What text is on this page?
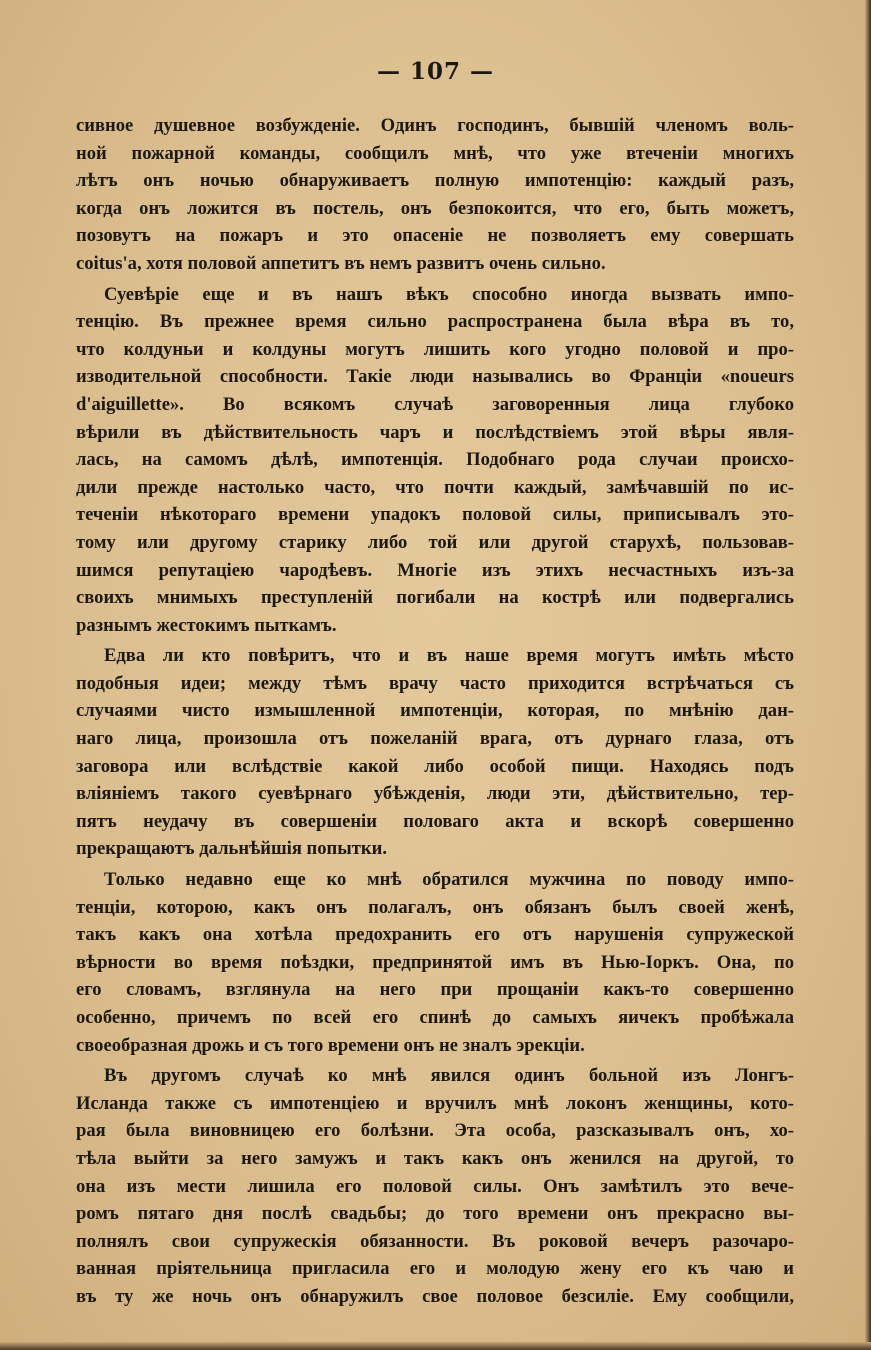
— 107 —
сивное душевное возбужденіе. Одинъ господинъ, бывшій членомъ воль-
ной пожарной команды, сообщилъ мнѣ, что уже втеченіи многихъ
лѣтъ онъ ночью обнаруживаетъ полную импотенцію: каждый разъ,
когда онъ ложится въ постель, онъ безпокоится, что его, быть можетъ,
позовутъ на пожаръ и это опасеніе не позволяетъ ему совершать
coitus'а, хотя половой аппетитъ въ немъ развитъ очень сильно.
Суевѣріе еще и въ нашъ вѣкъ способно иногда вызвать импо-
тенцію. Въ прежнее время сильно распространена была вѣра въ то,
что колдуньи и колдуны могутъ лишить кого угодно половой и про-
изводительной способности. Такіе люди назывались во Франціи «noueurs
d'aiguillette». Во всякомъ случаѣ заговоренныя лица глубоко
вѣрили въ дѣйствительность чаръ и послѣдствіемъ этой вѣры явля-
лась, на самомъ дѣлѣ, импотенція. Подобнаго рода случаи происхо-
дили прежде настолько часто, что почти каждый, замѣчавшій по ис-
теченіи нѣкотораго времени упадокъ половой силы, приписывалъ это-
тому или другому старику либо той или другой старухѣ, пользовав-
шимся репутаціею чародѣевъ. Многіе изъ этихъ несчастныхъ изъ-за
своихъ мнимыхъ преступленій погибали на кострѣ или подвергались
разнымъ жестокимъ пыткамъ.
Едва ли кто повѣритъ, что и въ наше время могутъ имѣть мѣсто
подобныя идеи; между тѣмъ врачу часто приходится встрѣчаться съ
случаями чисто измышленной импотенціи, которая, по мнѣнію дан-
наго лица, произошла отъ пожеланій врага, отъ дурнаго глаза, отъ
заговора или вслѣдствіе какой либо особой пищи. Находясь подъ
вліяніемъ такого суевѣрнаго убѣжденія, люди эти, дѣйствительно, тер-
пятъ неудачу въ совершеніи половаго акта и вскорѣ совершенно
прекращаютъ дальнѣйшія попытки.
Только недавно еще ко мнѣ обратился мужчина по поводу импо-
тенціи, которою, какъ онъ полагалъ, онъ обязанъ былъ своей женѣ,
такъ какъ она хотѣла предохранить его отъ нарушенія супружеской
вѣрности во время поѣздки, предпринятой имъ въ Нью-Іоркъ. Она, по
его словамъ, взглянула на него при прощаніи какъ-то совершенно
особенно, причемъ по всей его спинѣ до самыхъ яичекъ пробѣжала
своеобразная дрожь и съ того времени онъ не зналъ эрекціи.
Въ другомъ случаѣ ко мнѣ явился одинъ больной изъ Лонгъ-
Исланда также съ импотенціею и вручилъ мнѣ локонъ женщины, кото-
рая была виновницею его болѣзни. Эта особа, разсказывалъ онъ, хо-
тѣла выйти за него замужъ и такъ какъ онъ женился на другой, то
она изъ мести лишила его половой силы. Онъ замѣтилъ это вече-
ромъ пятаго дня послѣ свадьбы; до того времени онъ прекрасно вы-
полнялъ свои супружескія обязанности. Въ роковой вечеръ разочаро-
ванная пріятельница пригласила его и молодую жену его къ чаю и
въ ту же ночь онъ обнаружилъ свое половое безсиліе. Ему сообщили,
